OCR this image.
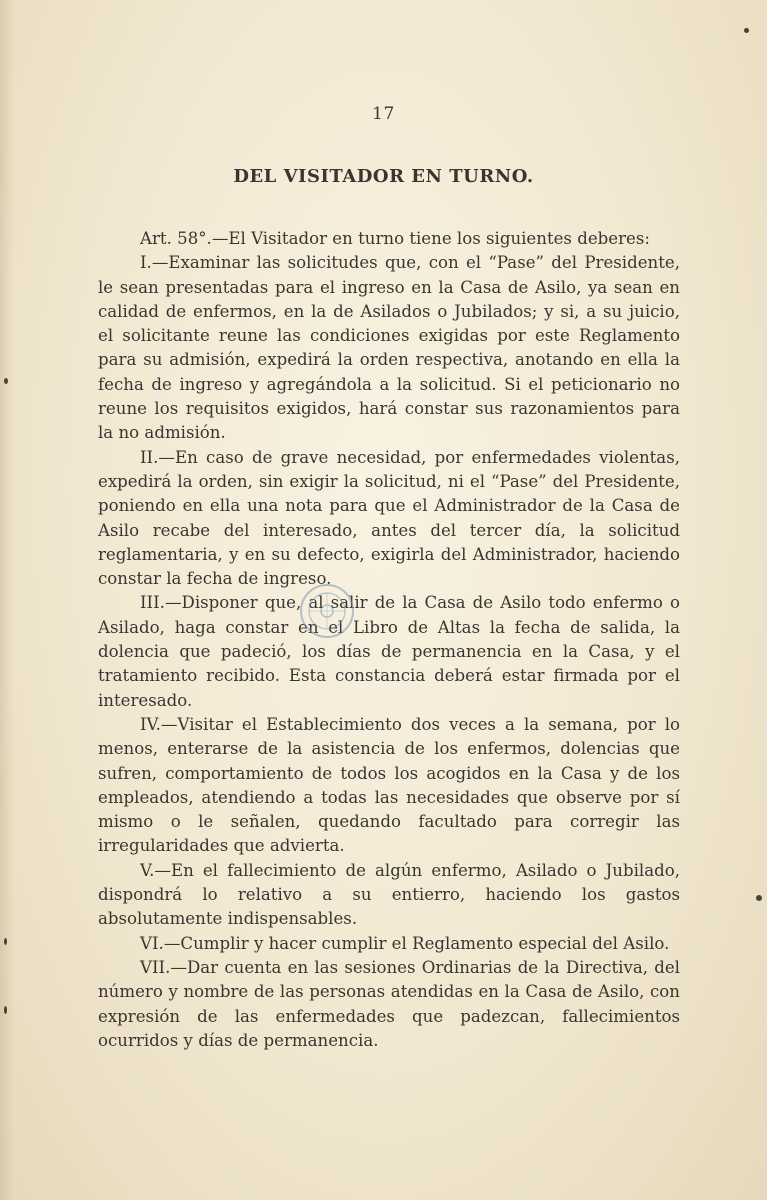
17
DEL VISITADOR EN TURNO.

Art. 58°.—El Visitador en turno tiene los siguientes deberes:

I.—Examinar las solicitudes que, con el “Pase” del Presidente, le sean presentadas para el ingreso en la Casa de Asilo, ya sean en calidad de enfermos, en la de Asilados o Jubilados; y si, a su juicio, el solicitante reune las condiciones exigidas por este Reglamento para su admisión, expedirá la orden respectiva, anotando en ella la fecha de ingreso y agregándola a la solicitud. Si el peticionario no reune los requisitos exigidos, hará constar sus razonamientos para la no admisión.

II.—En caso de grave necesidad, por enfermedades violentas, expedirá la orden, sin exigir la solicitud, ni el “Pase” del Presidente, poniendo en ella una nota para que el Administrador de la Casa de Asilo recabe del interesado, antes del tercer día, la solicitud reglamentaria, y en su defecto, exigirla del Administrador, haciendo constar la fecha de ingreso.

III.—Disponer que, al salir de la Casa de Asilo todo enfermo o Asilado, haga constar en el Libro de Altas la fecha de salida, la dolencia que padeció, los días de permanencia en la Casa, y el tratamiento recibido. Esta constancia deberá estar firmada por el interesado.

IV.—Visitar el Establecimiento dos veces a la semana, por lo menos, enterarse de la asistencia de los enfermos, dolencias que sufren, comportamiento de todos los acogidos en la Casa y de los empleados, atendiendo a todas las necesidades que observe por sí mismo o le señalen, quedando facultado para corregir las irregularidades que advierta.

V.—En el fallecimiento de algún enfermo, Asilado o Jubilado, dispondrá lo relativo a su entierro, haciendo los gastos absolutamente indispensables.

VI.—Cumplir y hacer cumplir el Reglamento especial del Asilo.

VII.—Dar cuenta en las sesiones Ordinarias de la Directiva, del número y nombre de las personas atendidas en la Casa de Asilo, con expresión de las enfermedades que padezcan, fallecimientos ocurridos y días de permanencia.
